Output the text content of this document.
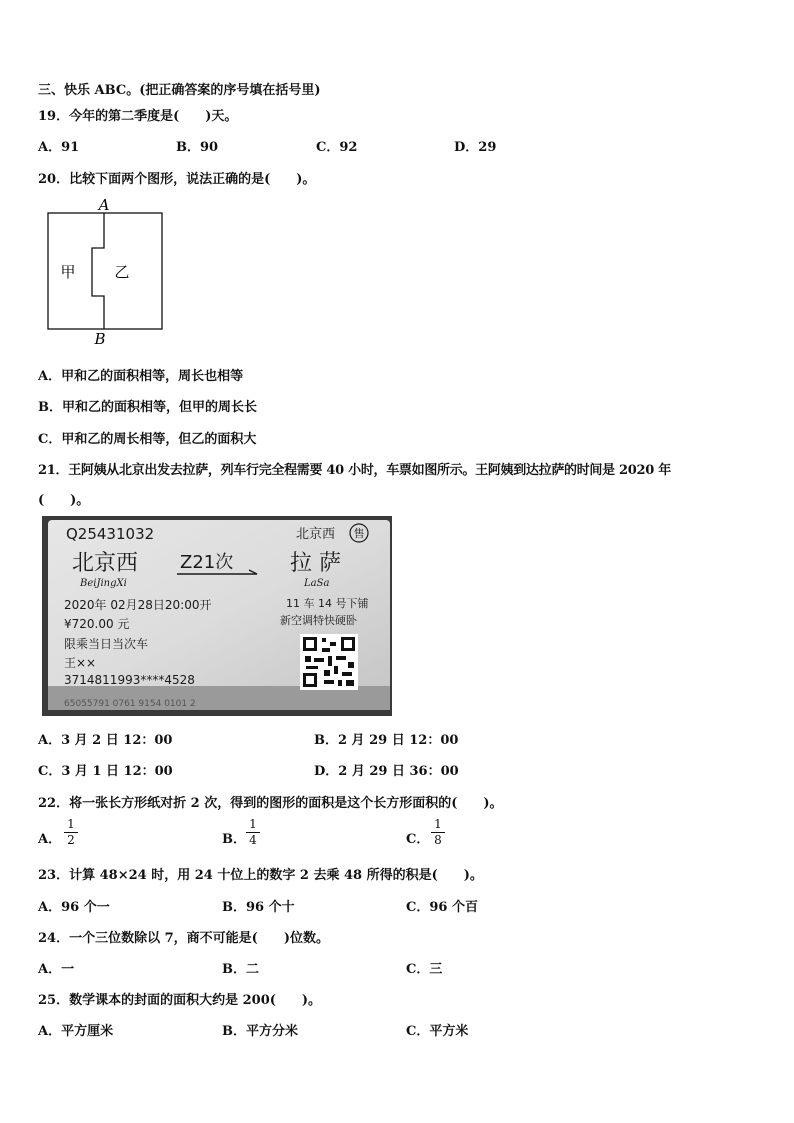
三、快乐 ABC。(把正确答案的序号填在括号里)
19．今年的第二季度是(　　)天。
A．91	B．90	C．92	D．29
20．比较下面两个图形，说法正确的是(　　)。
A
B
甲	乙
A．甲和乙的面积相等，周长也相等
B．甲和乙的面积相等，但甲的周长长
C．甲和乙的周长相等，但乙的面积大
21．王阿姨从北京出发去拉萨，列车行完全程需要 40 小时，车票如图所示。王阿姨到达拉萨的时间是 2020 年
(　　)。
Q25431032	北京西 售
北京西
BeiJingXi
Z21次	拉 萨
LaSa
2020年 02月28日20:00开	11 车 14 号下铺
¥720.00 元	新空调特快硬卧
限乘当日当次车
王××
3714811993****4528
65055791 0761 9154 0101 2
A．3 月 2 日 12：00	B．2 月 29 日 12：00
C．3 月 1 日 12：00	D．2 月 29 日 36：00
22．将一张长方形纸对折 2 次，得到的图形的面积是这个长方形面积的(　　)。
A．
1
2	B．
1
4	C．
1
8
23．计算 48×24 时，用 24 十位上的数字 2 去乘 48 所得的积是(　　)。
A．96 个一	B．96 个十	C．96 个百
24．一个三位数除以 7，商不可能是(　　)位数。
A．一	B．二	C．三
25．数学课本的封面的面积大约是 200(　　)。
A．平方厘米	B．平方分米	C．平方米
